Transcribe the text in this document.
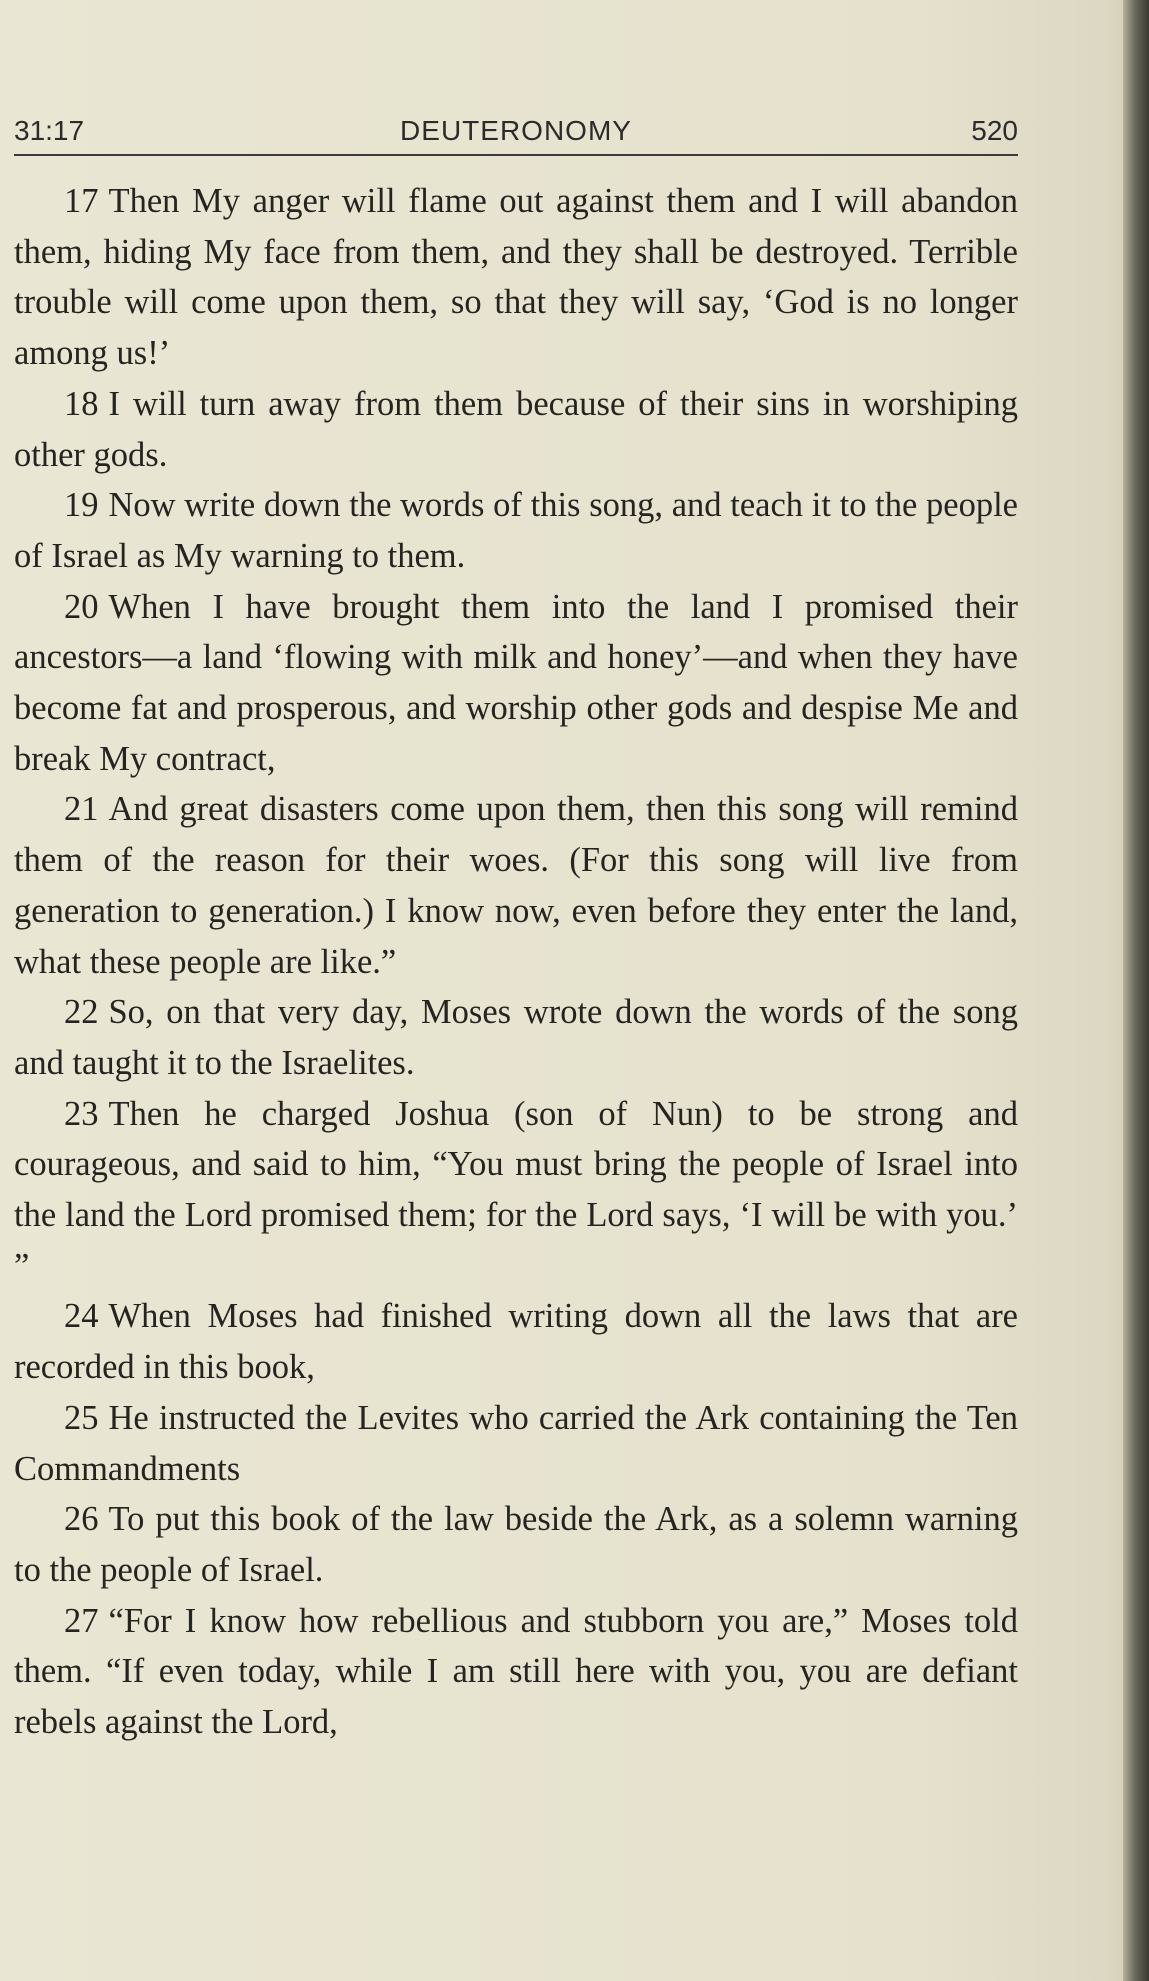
31:17	DEUTERONOMY	520

17 Then My anger will flame out against them and I will abandon them, hiding My face from them, and they shall be destroyed. Terrible trouble will come upon them, so that they will say, ‘God is no longer among us!’

18 I will turn away from them because of their sins in worshiping other gods.

19 Now write down the words of this song, and teach it to the people of Israel as My warning to them.

20 When I have brought them into the land I promised their ancestors—a land ‘flowing with milk and honey’—and when they have become fat and prosperous, and worship other gods and despise Me and break My contract,

21 And great disasters come upon them, then this song will remind them of the reason for their woes. (For this song will live from generation to generation.) I know now, even before they enter the land, what these people are like.”

22 So, on that very day, Moses wrote down the words of the song and taught it to the Israelites.

23 Then he charged Joshua (son of Nun) to be strong and courageous, and said to him, “You must bring the people of Israel into the land the Lord promised them; for the Lord says, ‘I will be with you.’ ”

24 When Moses had finished writing down all the laws that are recorded in this book,

25 He instructed the Levites who carried the Ark containing the Ten Commandments

26 To put this book of the law beside the Ark, as a solemn warning to the people of Israel.

27 “For I know how rebellious and stubborn you are,” Moses told them. “If even today, while I am still here with you, you are defiant rebels against the Lord,
